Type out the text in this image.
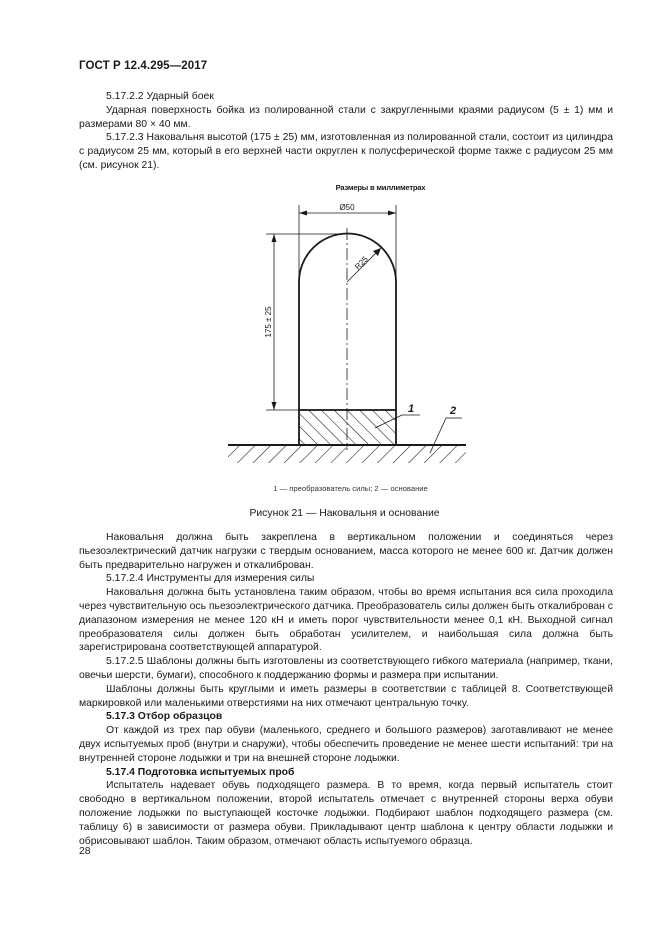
ГОСТ Р 12.4.295—2017

5.17.2.2 Ударный боек

Ударная поверхность бойка из полированной стали с закругленными краями радиусом (5 ± 1) мм и размерами 80 × 40 мм.

5.17.2.3 Наковальня высотой (175 ± 25) мм, изготовленная из полированной стали, состоит из цилиндра с радиусом 25 мм, который в его верхней части округлен к полусферической форме также с радиусом 25 мм (см. рисунок 21).

Размеры в миллиметрах
Ø50
R25
175 ± 25
1	2
1 — преобразователь силы; 2 — основание
Рисунок 21 — Наковальня и основание

Наковальня должна быть закреплена в вертикальном положении и соединяться через пьезоэлектрический датчик нагрузки с твердым основанием, масса которого не менее 600 кг. Датчик должен быть предварительно нагружен и откалиброван.

5.17.2.4 Инструменты для измерения силы

Наковальня должна быть установлена таким образом, чтобы во время испытания вся сила проходила через чувствительную ось пьезоэлектрического датчика. Преобразователь силы должен быть откалиброван с диапазоном измерения не менее 120 кН и иметь порог чувствительности менее 0,1 кН. Выходной сигнал преобразователя силы должен быть обработан усилителем, и наибольшая сила должна быть зарегистрирована соответствующей аппаратурой.

5.17.2.5 Шаблоны должны быть изготовлены из соответствующего гибкого материала (например, ткани, овечьи шерсти, бумаги), способного к поддержанию формы и размера при испытании.

Шаблоны должны быть круглыми и иметь размеры в соответствии с таблицей 8. Соответствующей маркировкой или маленькими отверстиями на них отмечают центральную точку.

5.17.3 Отбор образцов

От каждой из трех пар обуви (маленького, среднего и большого размеров) заготавливают не менее двух испытуемых проб (внутри и снаружи), чтобы обеспечить проведение не менее шести испытаний: три на внутренней стороне лодыжки и три на внешней стороне лодыжки.

5.17.4 Подготовка испытуемых проб

Испытатель надевает обувь подходящего размера. В то время, когда первый испытатель стоит свободно в вертикальном положении, второй испытатель отмечает с внутренней стороны верха обуви положение лодыжки по выступающей косточке лодыжки. Подбирают шаблон подходящего размера (см. таблицу 6) в зависимости от размера обуви. Прикладывают центр шаблона к центру области лодыжки и обрисовывают шаблон. Таким образом, отмечают область испытуемого образца.

28
